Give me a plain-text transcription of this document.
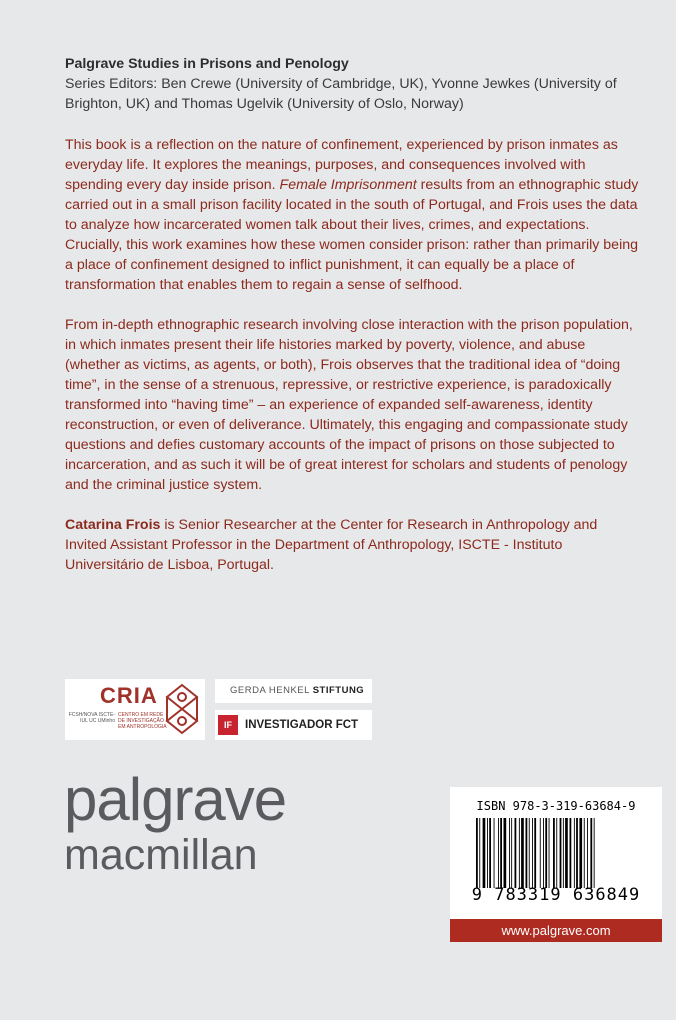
Palgrave Studies in Prisons and Penology
Series Editors: Ben Crewe (University of Cambridge, UK), Yvonne Jewkes (University of Brighton, UK) and Thomas Ugelvik (University of Oslo, Norway)

This book is a reflection on the nature of confinement, experienced by prison inmates as everyday life. It explores the meanings, purposes, and consequences involved with spending every day inside prison. Female Imprisonment results from an ethnographic study carried out in a small prison facility located in the south of Portugal, and Frois uses the data to analyze how incarcerated women talk about their lives, crimes, and expectations. Crucially, this work examines how these women consider prison: rather than primarily being a place of confinement designed to inflict punishment, it can equally be a place of transformation that enables them to regain a sense of selfhood.

From in-depth ethnographic research involving close interaction with the prison population, in which inmates present their life histories marked by poverty, violence, and abuse (whether as victims, as agents, or both), Frois observes that the traditional idea of “doing time”, in the sense of a strenuous, repressive, or restrictive experience, is paradoxically transformed into “having time” – an experience of expanded self-awareness, identity reconstruction, or even of deliverance. Ultimately, this engaging and compassionate study questions and defies customary accounts of the impact of prisons on those subjected to incarceration, and as such it will be of great interest for scholars and students of penology and the criminal justice system.

Catarina Frois is Senior Researcher at the Center for Research in Anthropology and Invited Assistant Professor in the Department of Anthropology, ISCTE - Instituto Universitário de Lisboa, Portugal.

CRIA
FCSH/NOVA ISCTE-IUL UC UMinho
CENTRO EM REDE DE INVESTIGAÇÃO EM ANTROPOLOGIA
GERDA HENKEL STIFTUNG
IF	INVESTIGADOR FCT
palgrave
macmillan
ISBN 978-3-319-63684-9
9 783319 636849
www.palgrave.com
